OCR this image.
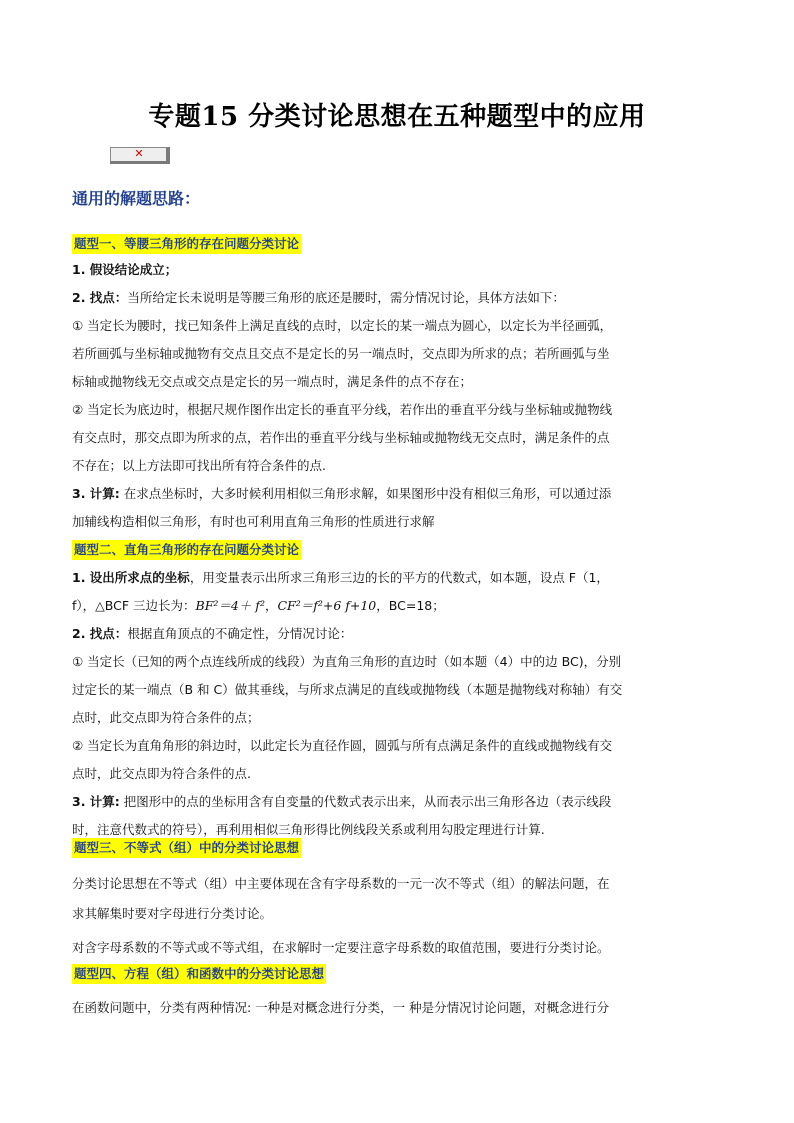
专题15 分类讨论思想在五种题型中的应用
✕
通用的解题思路：
题型一、等腰三角形的存在问题分类讨论
1. 假设结论成立；
2. 找点：当所给定长未说明是等腰三角形的底还是腰时，需分情况讨论，具体方法如下：
① 当定长为腰时，找已知条件上满足直线的点时，以定长的某一端点为圆心，以定长为半径画弧，
若所画弧与坐标轴或抛物有交点且交点不是定长的另一端点时，交点即为所求的点；若所画弧与坐
标轴或抛物线无交点或交点是定长的另一端点时，满足条件的点不存在；
② 当定长为底边时，根据尺规作图作出定长的垂直平分线，若作出的垂直平分线与坐标轴或抛物线
有交点时，那交点即为所求的点，若作出的垂直平分线与坐标轴或抛物线无交点时，满足条件的点
不存在；以上方法即可找出所有符合条件的点.
3. 计算: 在求点坐标时，大多时候利用相似三角形求解，如果图形中没有相似三角形，可以通过添
加辅线构造相似三角形，有时也可利用直角三角形的性质进行求解
题型二、直角三角形的存在问题分类讨论
1. 设出所求点的坐标，用变量表示出所求三角形三边的长的平方的代数式，如本题，设点 F（1，
f），△BCF 三边长为：BF²＝4＋ f²，CF²＝f²+6 f+10，BC=18；
2. 找点：根据直角顶点的不确定性，分情况讨论：
① 当定长（已知的两个点连线所成的线段）为直角三角形的直边时（如本题（4）中的边 BC)，分别
过定长的某一端点（B 和 C）做其垂线，与所求点满足的直线或抛物线（本题是抛物线对称轴）有交
点时，此交点即为符合条件的点；
② 当定长为直角角形的斜边时，以此定长为直径作圆，圆弧与所有点满足条件的直线或抛物线有交
点时，此交点即为符合条件的点.
3. 计算: 把图形中的点的坐标用含有自变量的代数式表示出来，从而表示出三角形各边（表示线段
时，注意代数式的符号），再利用相似三角形得比例线段关系或利用勾股定理进行计算.
题型三、不等式（组）中的分类讨论思想
分类讨论思想在不等式（组）中主要体现在含有字母系数的一元一次不等式（组）的解法问题，在
求其解集时要对字母进行分类讨论。
对含字母系数的不等式或不等式组，在求解时一定要注意字母系数的取值范围，要进行分类讨论。
题型四、方程（组）和函数中的分类讨论思想
在函数问题中，分类有两种情况: 一种是对概念进行分类，一 种是分情况讨论问题，对概念进行分
